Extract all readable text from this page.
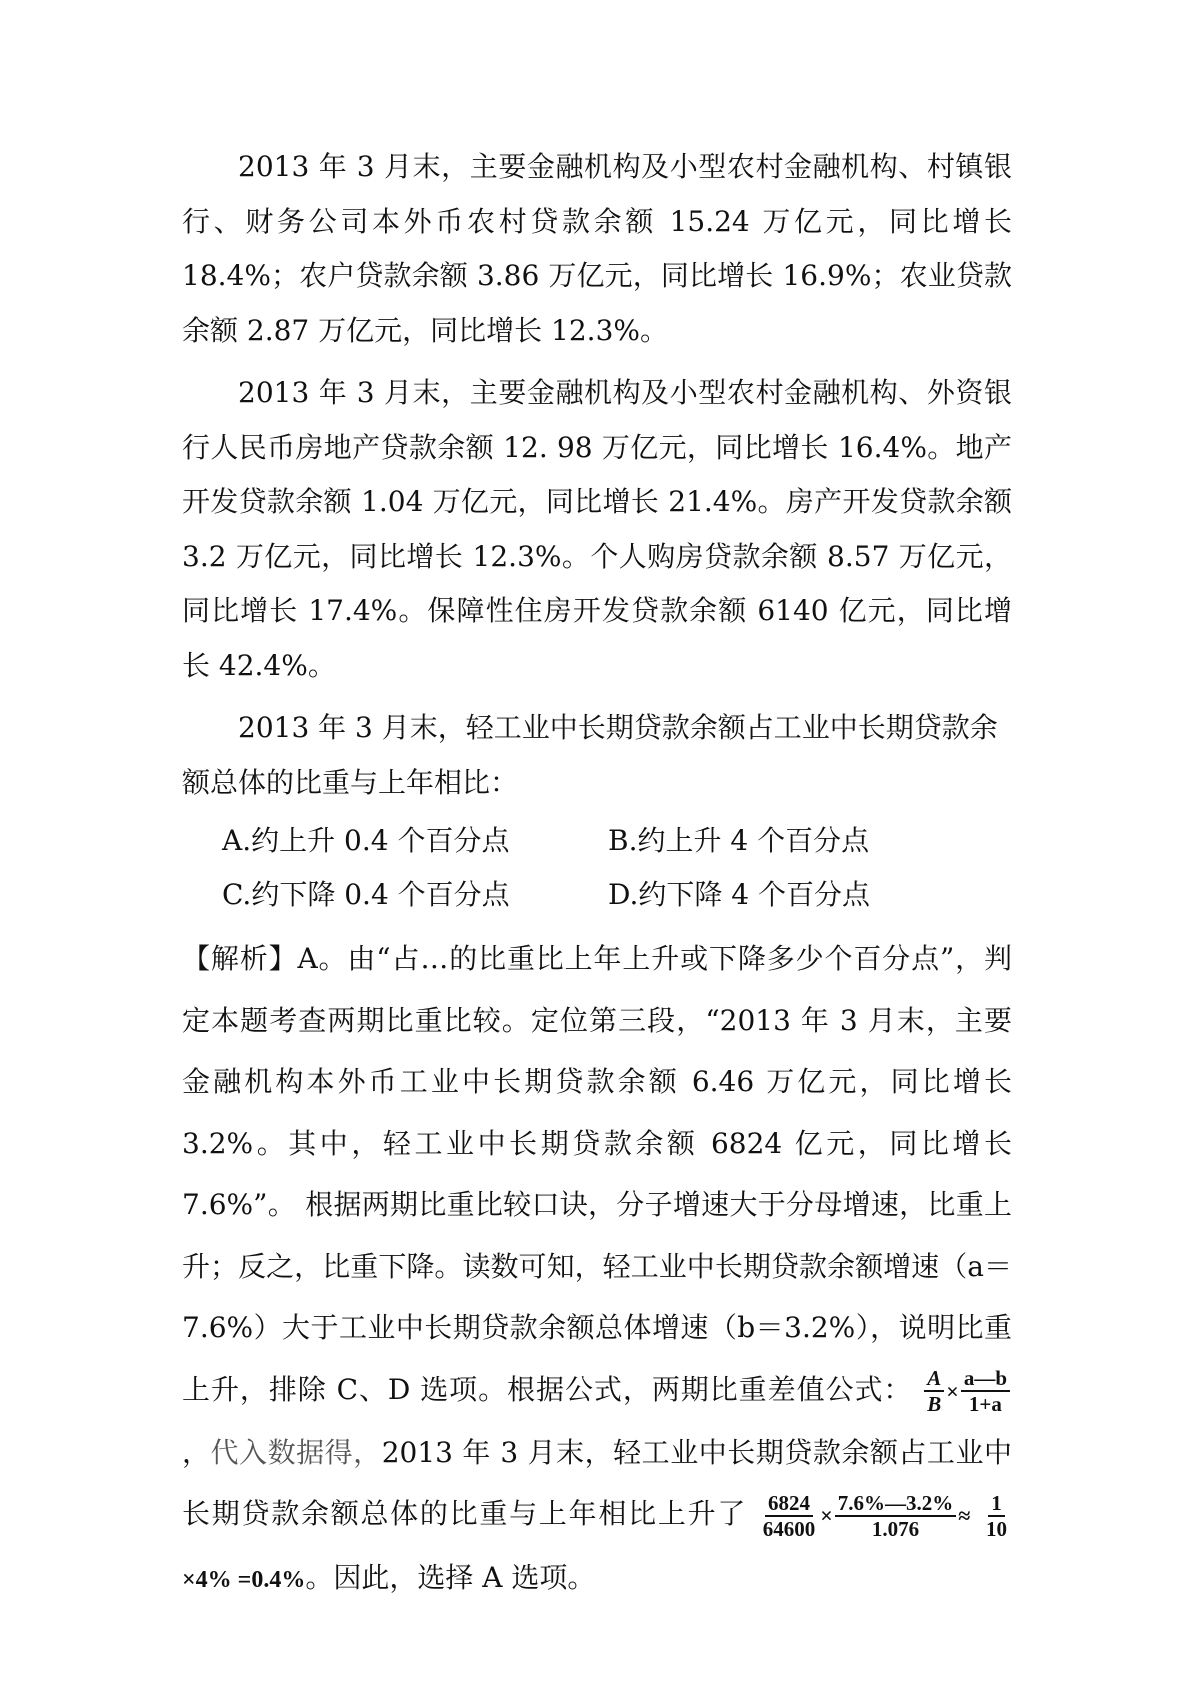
2013 年 3 月末，主要金融机构及小型农村金融机构、村镇银行、财务公司本外币农村贷款余额 15.24 万亿元，同比增长 18.4%；农户贷款余额 3.86 万亿元，同比增长 16.9%；农业贷款余额 2.87 万亿元，同比增长 12.3%。

2013 年 3 月末，主要金融机构及小型农村金融机构、外资银行人民币房地产贷款余额 12. 98 万亿元，同比增长 16.4%。地产开发贷款余额 1.04 万亿元，同比增长 21.4%。房产开发贷款余额 3.2 万亿元，同比增长 12.3%。个人购房贷款余额 8.57 万亿元，同比增长 17.4%。保障性住房开发贷款余额 6140 亿元，同比增长 42.4%。

2013 年 3 月末，轻工业中长期贷款余额占工业中长期贷款余额总体的比重与上年相比：

A.约上升 0.4 个百分点	B.约上升 4 个百分点
C.约下降 0.4 个百分点	D.约下降 4 个百分点

【解析】A。由“占…的比重比上年上升或下降多少个百分点”，判定本题考查两期比重比较。定位第三段，“2013 年 3 月末，主要金融机构本外币工业中长期贷款余额 6.46 万亿元，同比增长 3.2%。其中，轻工业中长期贷款余额 6824 亿元，同比增长 7.6%”。 根据两期比重比较口诀，分子增速大于分母增速，比重上升；反之，比重下降。读数可知，轻工业中长期贷款余额增速（a＝7.6%）大于工业中长期贷款余额总体增速（b＝3.2%），说明比重上升，排除 C、D 选项。根据公式，两期比重差值公式： $\frac{A}{B} \times \frac{a—b}{1+a}$
，代入数据得，2013 年 3 月末，轻工业中长期贷款余额占工业中长期贷款余额总体的比重与上年相比上升了 $\frac{6824}{64600} \times \frac{7.6\%—3.2\%}{1.076} \approx \frac{1}{10}$
×4% =0.4%。因此，选择 A 选项。
